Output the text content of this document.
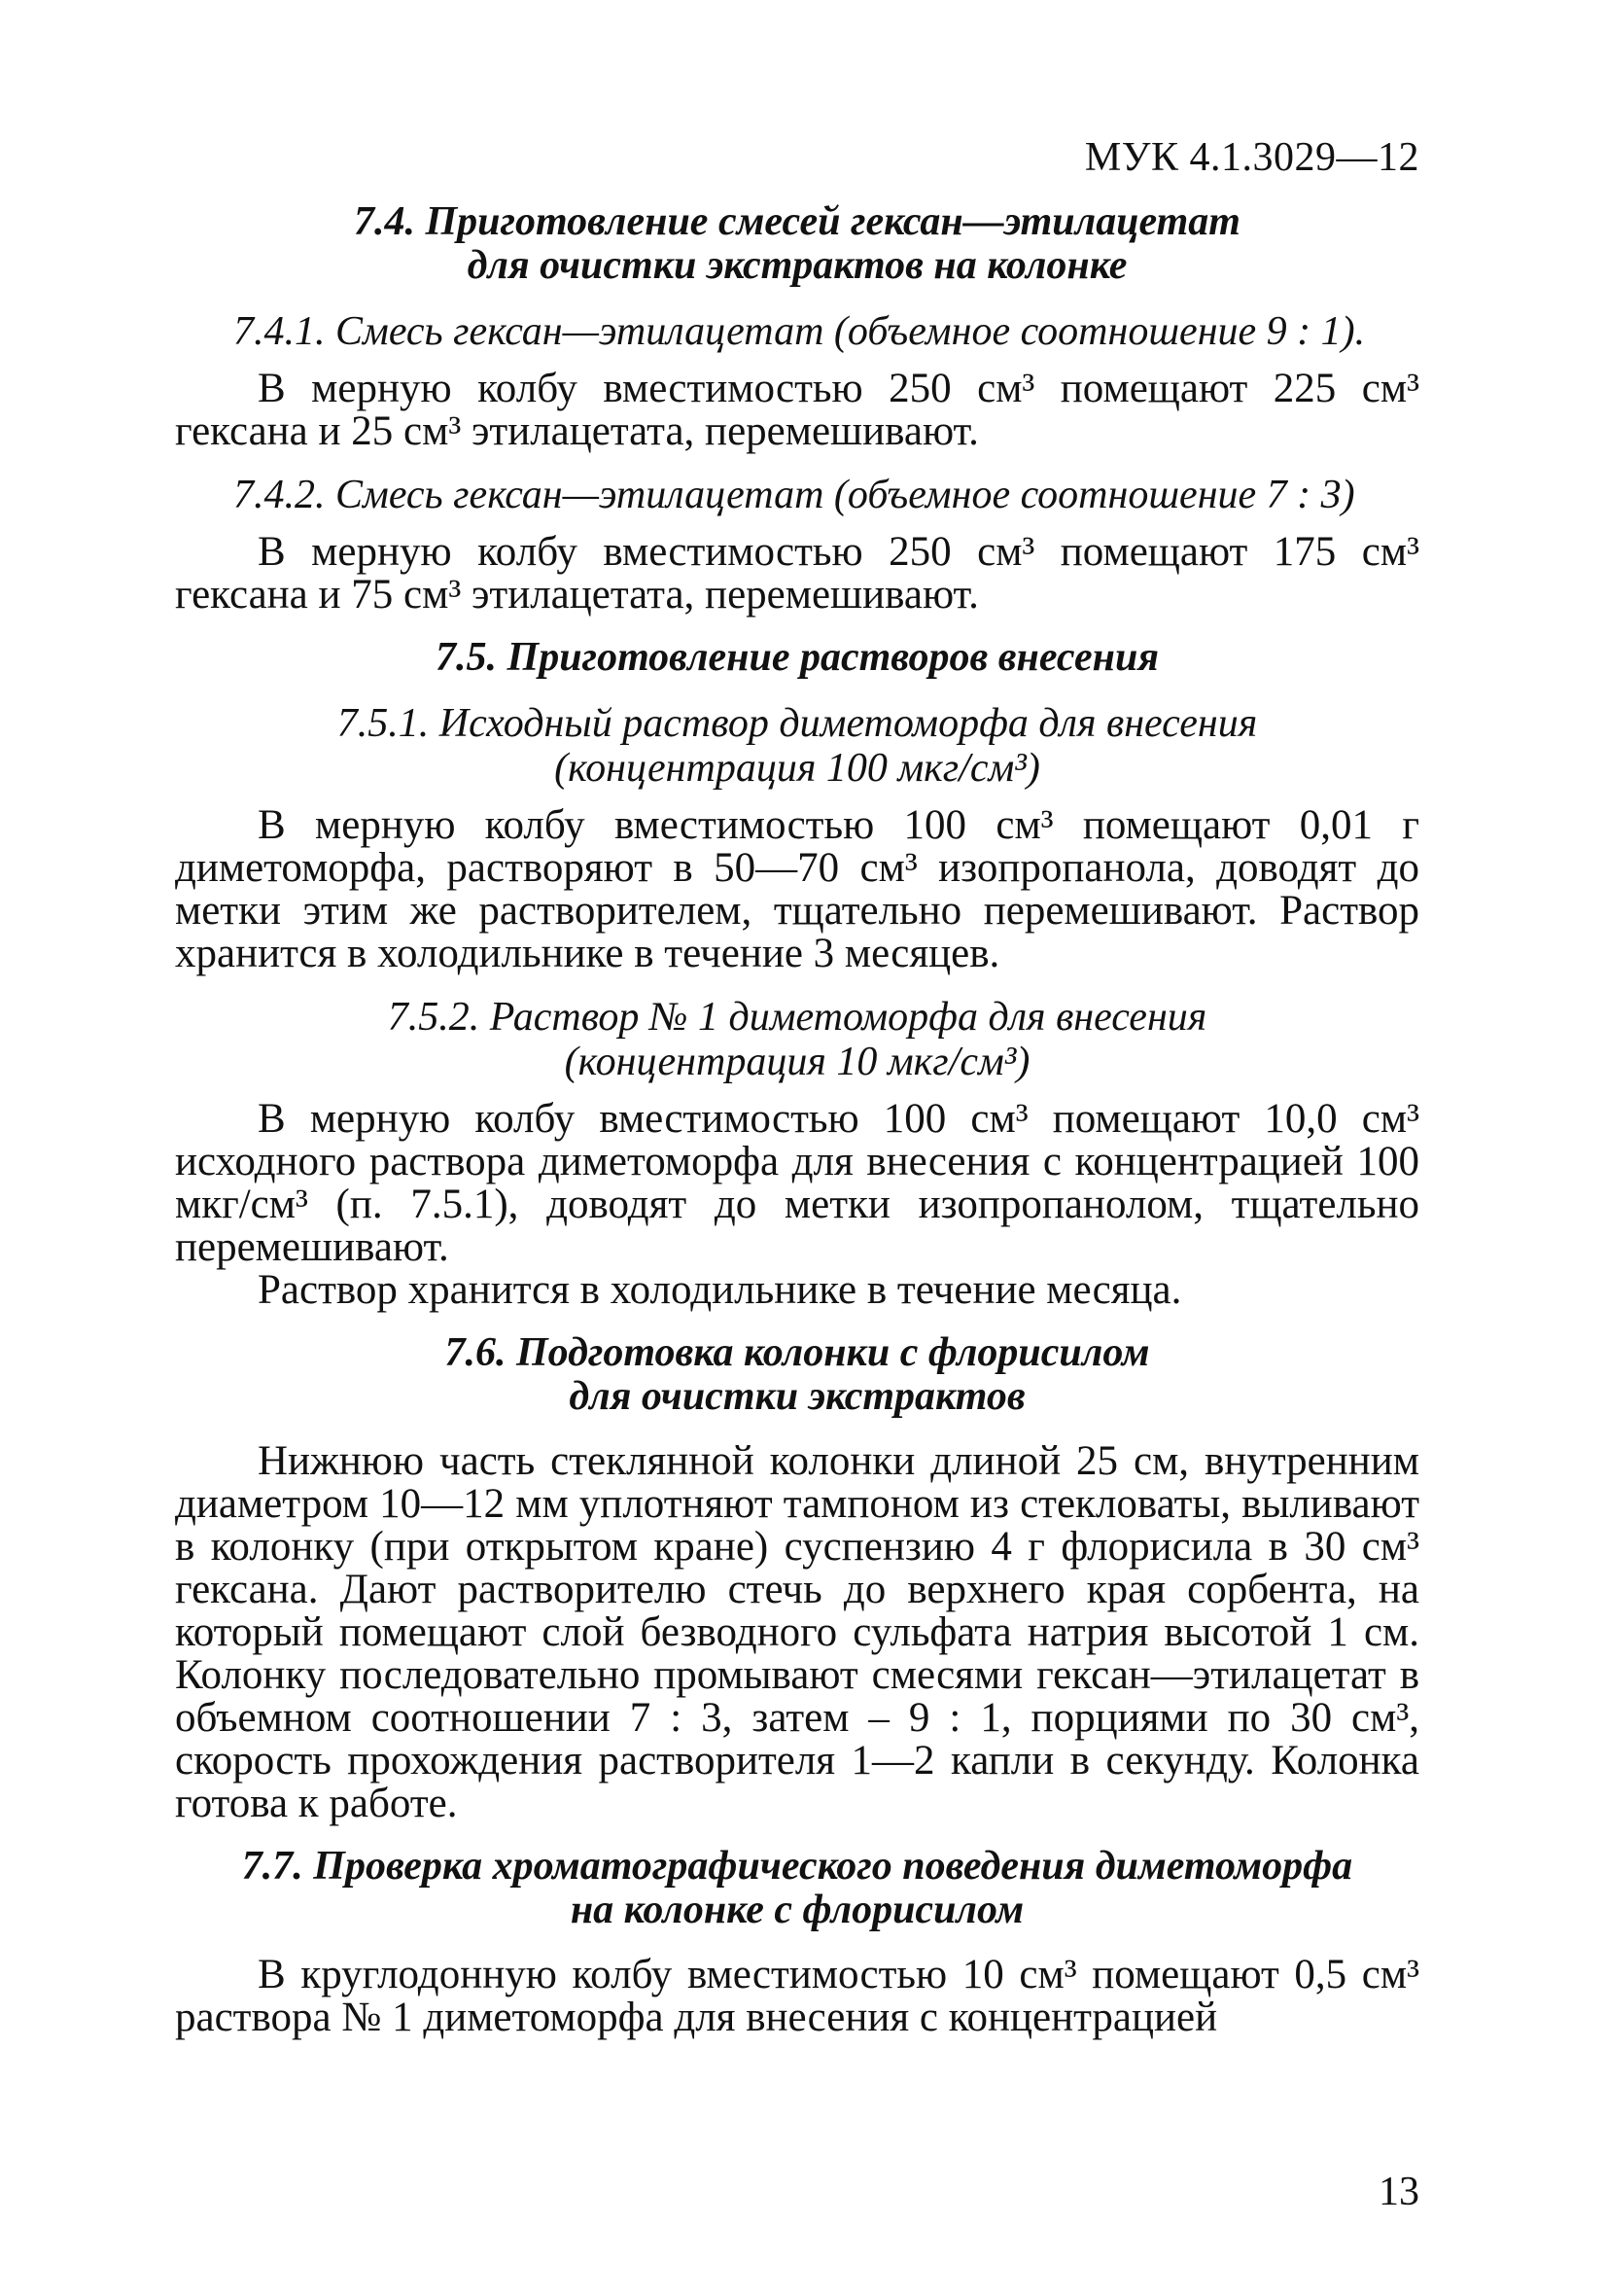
МУК 4.1.3029—12
7.4. Приготовление смесей гексан—этилацетат
для очистки экстрактов на колонке
7.4.1. Смесь гексан—этилацетат (объемное соотношение 9 : 1).

В мерную колбу вместимостью 250 см³ помещают 225 см³ гексана и 25 см³ этилацетата, перемешивают.

7.4.2. Смесь гексан—этилацетат (объемное соотношение 7 : 3)

В мерную колбу вместимостью 250 см³ помещают 175 см³ гексана и 75 см³ этилацетата, перемешивают.

7.5. Приготовление растворов внесения
7.5.1. Исходный раствор диметоморфа для внесения
(концентрация 100 мкг/см³)

В мерную колбу вместимостью 100 см³ помещают 0,01 г диметоморфа, растворяют в 50—70 см³ изопропанола, доводят до метки этим же растворителем, тщательно перемешивают. Раствор хранится в холодильнике в течение 3 месяцев.

7.5.2. Раствор № 1 диметоморфа для внесения
(концентрация 10 мкг/см³)

В мерную колбу вместимостью 100 см³ помещают 10,0 см³ исходного раствора диметоморфа для внесения с концентрацией 100 мкг/см³ (п. 7.5.1), доводят до метки изопропанолом, тщательно перемешивают.

Раствор хранится в холодильнике в течение месяца.

7.6. Подготовка колонки с флорисилом
для очистки экстрактов

Нижнюю часть стеклянной колонки длиной 25 см, внутренним диаметром 10—12 мм уплотняют тампоном из стекловаты, выливают в колонку (при открытом кране) суспензию 4 г флорисила в 30 см³ гексана. Дают растворителю стечь до верхнего края сорбента, на который помещают слой безводного сульфата натрия высотой 1 см. Колонку последовательно промывают смесями гексан—этилацетат в объемном соотношении 7 : 3, затем – 9 : 1, порциями по 30 см³, скорость прохождения растворителя 1—2 капли в секунду. Колонка готова к работе.

7.7. Проверка хроматографического поведения диметоморфа
на колонке с флорисилом

В круглодонную колбу вместимостью 10 см³ помещают 0,5 см³ раствора № 1 диметоморфа для внесения с концентрацией

13
